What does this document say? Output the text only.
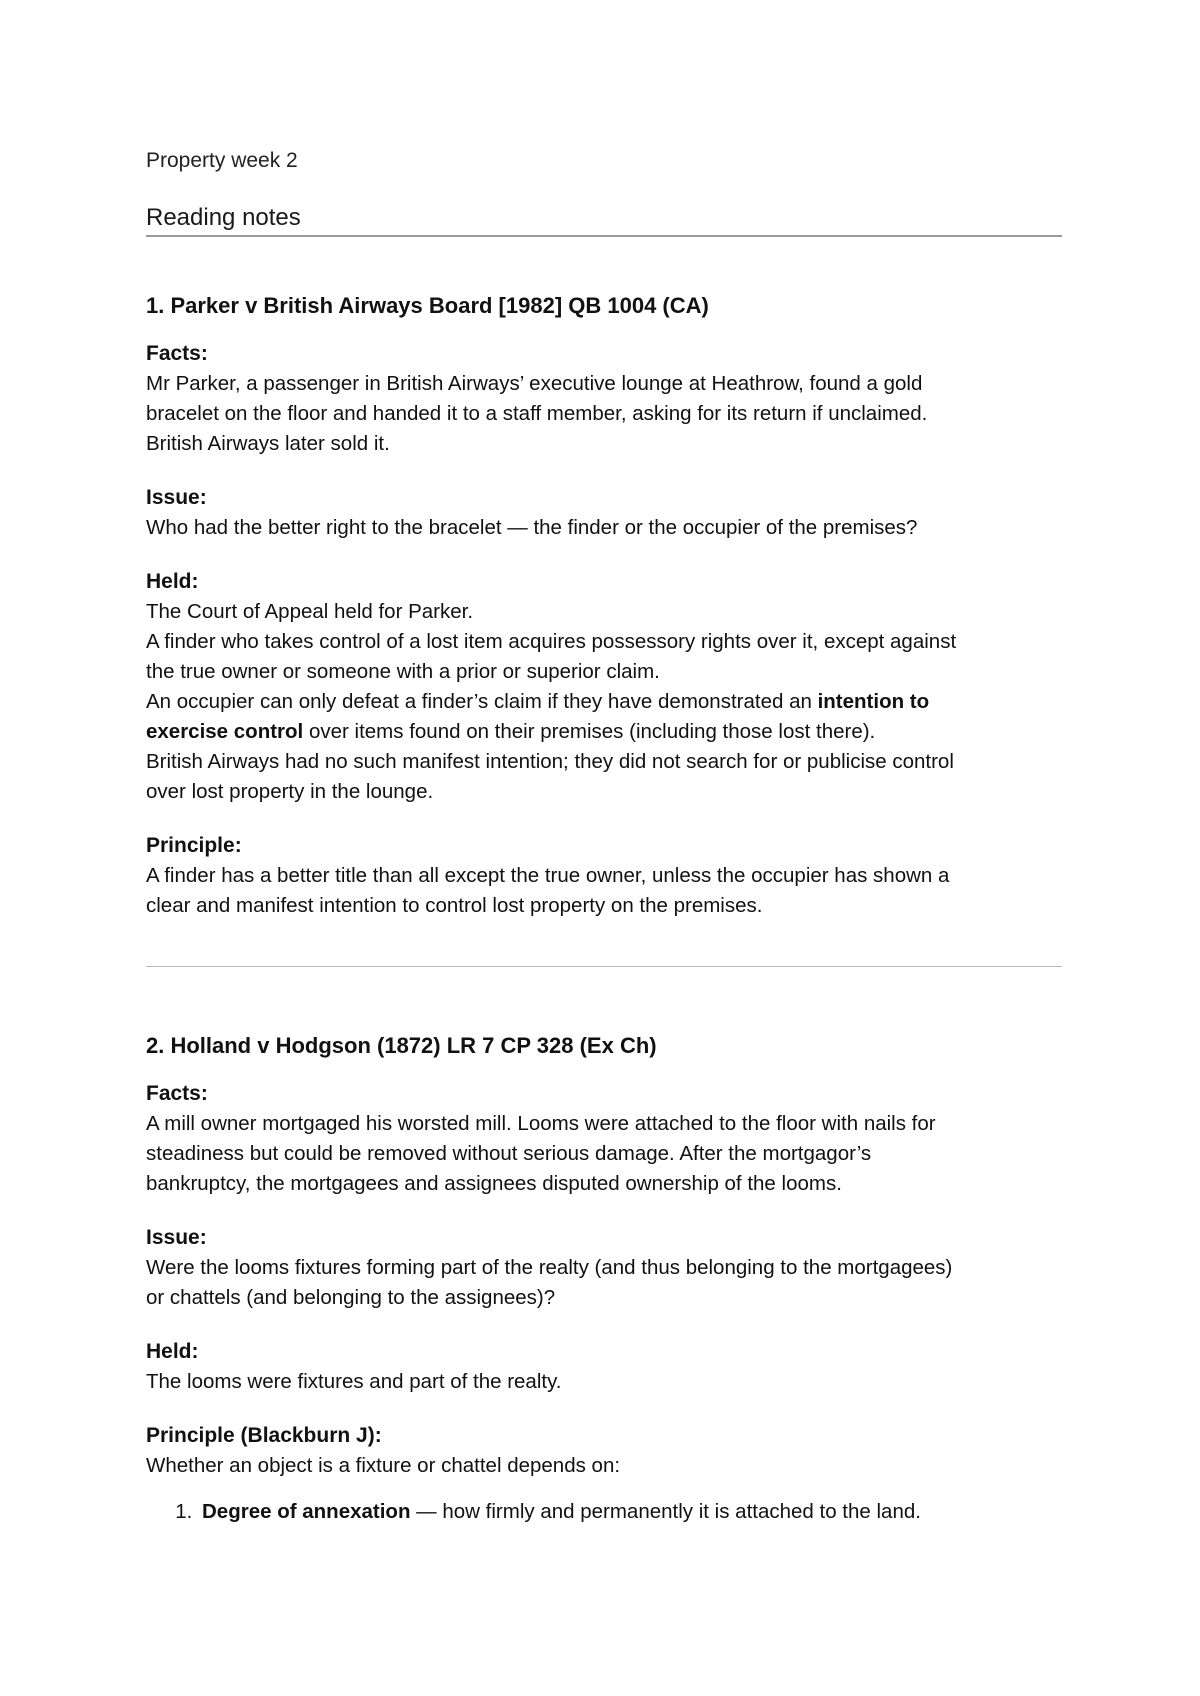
Property week 2
Reading notes
1. Parker v British Airways Board [1982] QB 1004 (CA)
Facts:
Mr Parker, a passenger in British Airways’ executive lounge at Heathrow, found a gold
bracelet on the floor and handed it to a staff member, asking for its return if unclaimed.
British Airways later sold it.
Issue:
Who had the better right to the bracelet — the finder or the occupier of the premises?
Held:
The Court of Appeal held for Parker.
A finder who takes control of a lost item acquires possessory rights over it, except against
the true owner or someone with a prior or superior claim.
An occupier can only defeat a finder’s claim if they have demonstrated an intention to
exercise control over items found on their premises (including those lost there).
British Airways had no such manifest intention; they did not search for or publicise control
over lost property in the lounge.
Principle:
A finder has a better title than all except the true owner, unless the occupier has shown a
clear and manifest intention to control lost property on the premises.
2. Holland v Hodgson (1872) LR 7 CP 328 (Ex Ch)
Facts:
A mill owner mortgaged his worsted mill. Looms were attached to the floor with nails for
steadiness but could be removed without serious damage. After the mortgagor’s
bankruptcy, the mortgagees and assignees disputed ownership of the looms.
Issue:
Were the looms fixtures forming part of the realty (and thus belonging to the mortgagees)
or chattels (and belonging to the assignees)?
Held:
The looms were fixtures and part of the realty.
Principle (Blackburn J):
Whether an object is a fixture or chattel depends on:
1. Degree of annexation — how firmly and permanently it is attached to the land.
